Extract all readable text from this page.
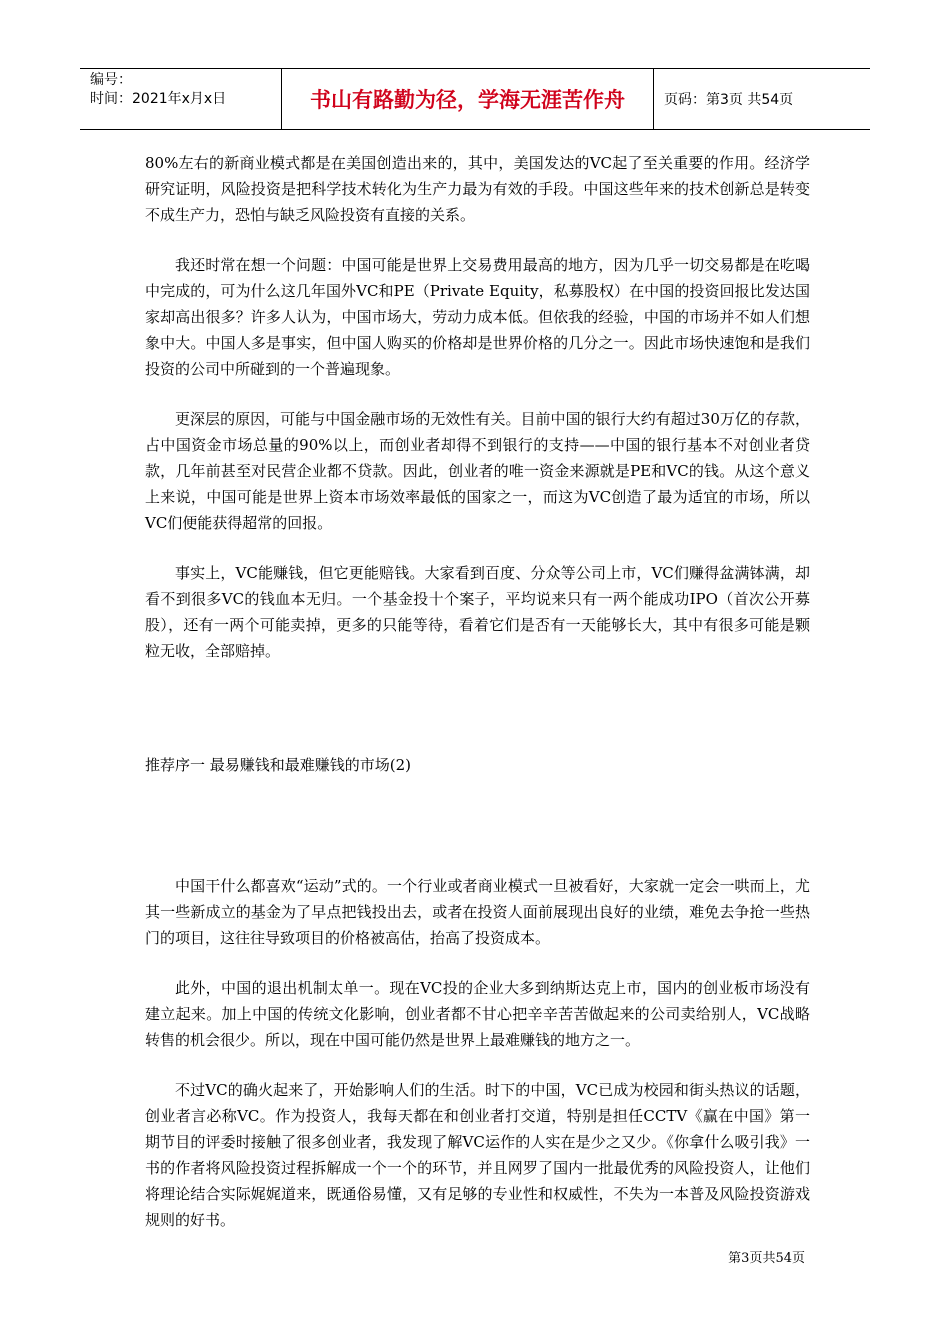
编号：
时间：2021年x月x日	书山有路勤为径，学海无涯苦作舟	页码：第3页 共54页

80%左右的新商业模式都是在美国创造出来的，其中，美国发达的VC起了至关重要的作用。经济学研究证明，风险投资是把科学技术转化为生产力最为有效的手段。中国这些年来的技术创新总是转变不成生产力，恐怕与缺乏风险投资有直接的关系。

我还时常在想一个问题：中国可能是世界上交易费用最高的地方，因为几乎一切交易都是在吃喝中完成的，可为什么这几年国外VC和PE（Private Equity，私募股权）在中国的投资回报比发达国家却高出很多？许多人认为，中国市场大，劳动力成本低。但依我的经验，中国的市场并不如人们想象中大。中国人多是事实，但中国人购买的价格却是世界价格的几分之一。因此市场快速饱和是我们投资的公司中所碰到的一个普遍现象。

更深层的原因，可能与中国金融市场的无效性有关。目前中国的银行大约有超过30万亿的存款，占中国资金市场总量的90%以上，而创业者却得不到银行的支持——中国的银行基本不对创业者贷款，几年前甚至对民营企业都不贷款。因此，创业者的唯一资金来源就是PE和VC的钱。从这个意义上来说，中国可能是世界上资本市场效率最低的国家之一，而这为VC创造了最为适宜的市场，所以VC们便能获得超常的回报。

事实上，VC能赚钱，但它更能赔钱。大家看到百度、分众等公司上市，VC们赚得盆满钵满，却看不到很多VC的钱血本无归。一个基金投十个案子，平均说来只有一两个能成功IPO（首次公开募股），还有一两个可能卖掉，更多的只能等待，看着它们是否有一天能够长大，其中有很多可能是颗粒无收，全部赔掉。

推荐序一 最易赚钱和最难赚钱的市场(2)

中国干什么都喜欢“运动”式的。一个行业或者商业模式一旦被看好，大家就一定会一哄而上，尤其一些新成立的基金为了早点把钱投出去，或者在投资人面前展现出良好的业绩，难免去争抢一些热门的项目，这往往导致项目的价格被高估，抬高了投资成本。

此外，中国的退出机制太单一。现在VC投的企业大多到纳斯达克上市，国内的创业板市场没有建立起来。加上中国的传统文化影响，创业者都不甘心把辛辛苦苦做起来的公司卖给别人，VC战略转售的机会很少。所以，现在中国可能仍然是世界上最难赚钱的地方之一。

不过VC的确火起来了，开始影响人们的生活。时下的中国，VC已成为校园和街头热议的话题，创业者言必称VC。作为投资人，我每天都在和创业者打交道，特别是担任CCTV《赢在中国》第一期节目的评委时接触了很多创业者，我发现了解VC运作的人实在是少之又少。《你拿什么吸引我》一书的作者将风险投资过程拆解成一个一个的环节，并且网罗了国内一批最优秀的风险投资人，让他们将理论结合实际娓娓道来，既通俗易懂，又有足够的专业性和权威性，不失为一本普及风险投资游戏规则的好书。

第3页共54页
